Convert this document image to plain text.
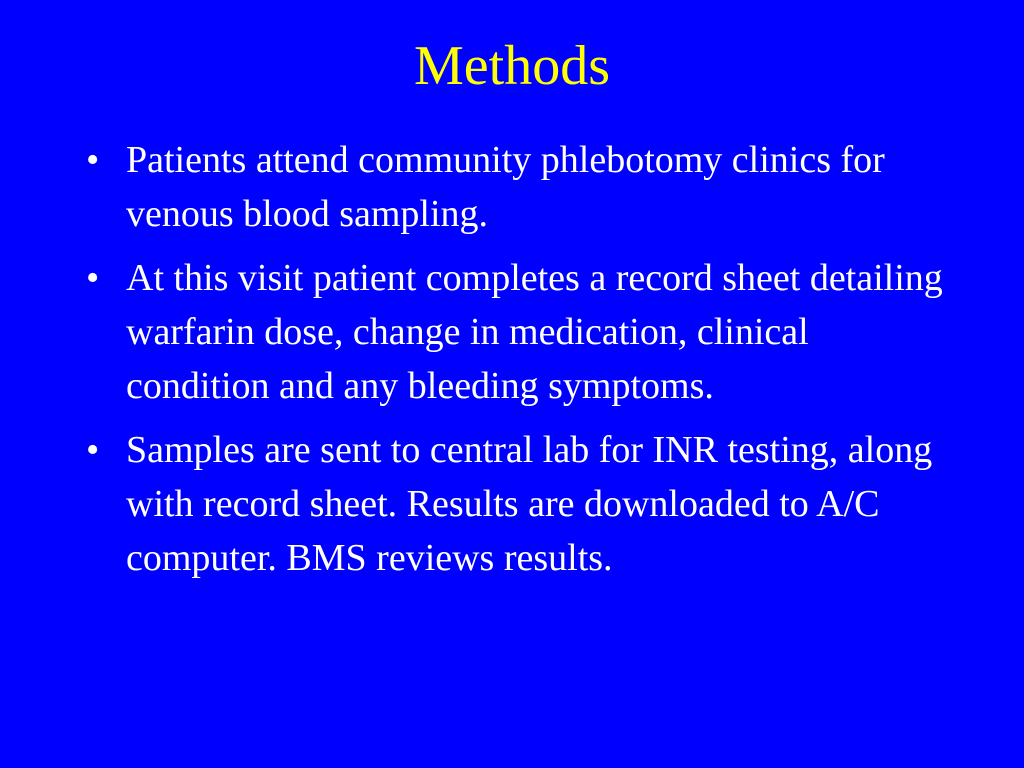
Methods
• Patients attend community phlebotomy clinics for venous blood sampling.
• At this visit patient completes a record sheet detailing warfarin dose, change in medication, clinical condition and any bleeding symptoms.
• Samples are sent to central lab for INR testing, along with record sheet. Results are downloaded to A/C computer. BMS reviews results.
